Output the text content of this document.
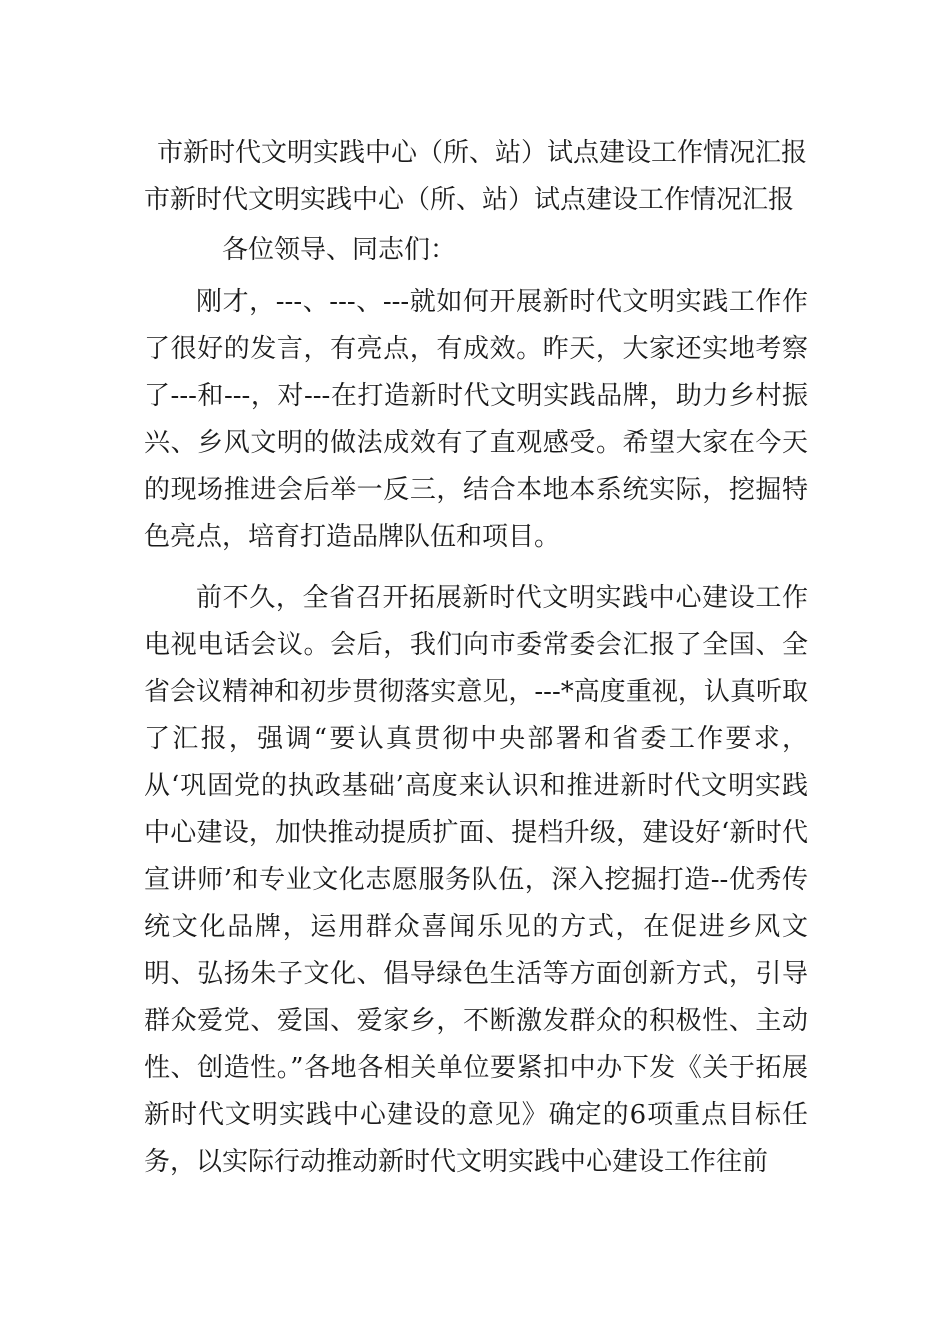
市新时代文明实践中心（所、站）试点建设工作情况汇报
市新时代文明实践中心（所、站）试点建设工作情况汇报
各位领导、同志们：

刚才，---、---、---就如何开展新时代文明实践工作作了很好的发言，有亮点，有成效。昨天，大家还实地考察了---和---，对---在打造新时代文明实践品牌，助力乡村振兴、乡风文明的做法成效有了直观感受。希望大家在今天的现场推进会后举一反三，结合本地本系统实际，挖掘特色亮点，培育打造品牌队伍和项目。

前不久，全省召开拓展新时代文明实践中心建设工作电视电话会议。会后，我们向市委常委会汇报了全国、全省会议精神和初步贯彻落实意见，---*高度重视，认真听取了汇报，强调“要认真贯彻中央部署和省委工作要求，从‘巩固党的执政基础’高度来认识和推进新时代文明实践中心建设，加快推动提质扩面、提档升级，建设好‘新时代宣讲师’和专业文化志愿服务队伍，深入挖掘打造--优秀传统文化品牌，运用群众喜闻乐见的方式，在促进乡风文明、弘扬朱子文化、倡导绿色生活等方面创新方式，引导群众爱党、爱国、爱家乡，不断激发群众的积极性、主动性、创造性。”各地各相关单位要紧扣中办下发《关于拓展新时代文明实践中心建设的意见》确定的6项重点目标任务，以实际行动推动新时代文明实践中心建设工作往前
